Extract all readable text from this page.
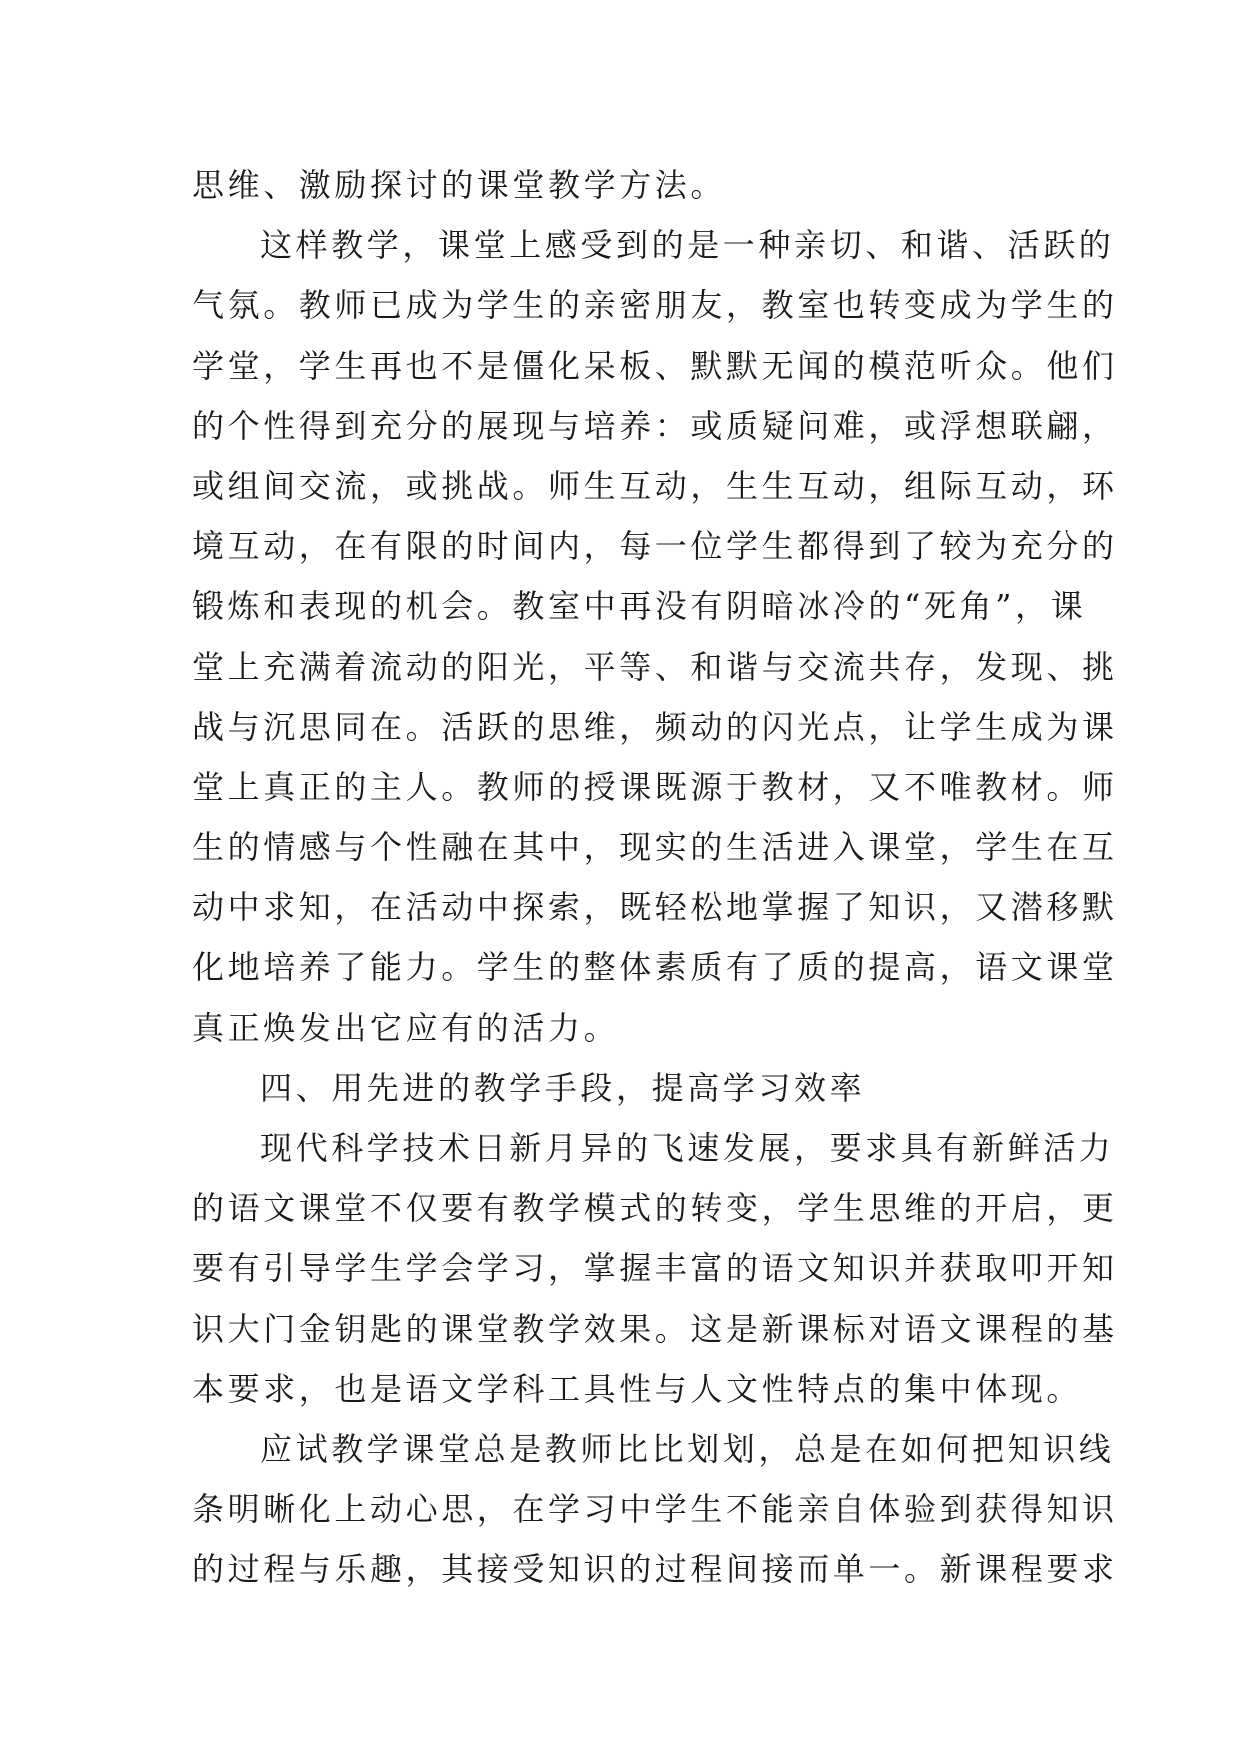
思维、激励探讨的课堂教学方法。
这样教学，课堂上感受到的是一种亲切、和谐、活跃的
气氛。教师已成为学生的亲密朋友，教室也转变成为学生的
学堂，学生再也不是僵化呆板、默默无闻的模范听众。他们
的个性得到充分的展现与培养：或质疑问难，或浮想联翩，
或组间交流，或挑战。师生互动，生生互动，组际互动，环
境互动，在有限的时间内，每一位学生都得到了较为充分的
锻炼和表现的机会。教室中再没有阴暗冰冷的“死角”，课
堂上充满着流动的阳光，平等、和谐与交流共存，发现、挑
战与沉思同在。活跃的思维，频动的闪光点，让学生成为课
堂上真正的主人。教师的授课既源于教材，又不唯教材。师
生的情感与个性融在其中，现实的生活进入课堂，学生在互
动中求知，在活动中探索，既轻松地掌握了知识，又潜移默
化地培养了能力。学生的整体素质有了质的提高，语文课堂
真正焕发出它应有的活力。
四、用先进的教学手段，提高学习效率
现代科学技术日新月异的飞速发展，要求具有新鲜活力
的语文课堂不仅要有教学模式的转变，学生思维的开启，更
要有引导学生学会学习，掌握丰富的语文知识并获取叩开知
识大门金钥匙的课堂教学效果。这是新课标对语文课程的基
本要求，也是语文学科工具性与人文性特点的集中体现。
应试教学课堂总是教师比比划划，总是在如何把知识线
条明晰化上动心思，在学习中学生不能亲自体验到获得知识
的过程与乐趣，其接受知识的过程间接而单一。新课程要求
